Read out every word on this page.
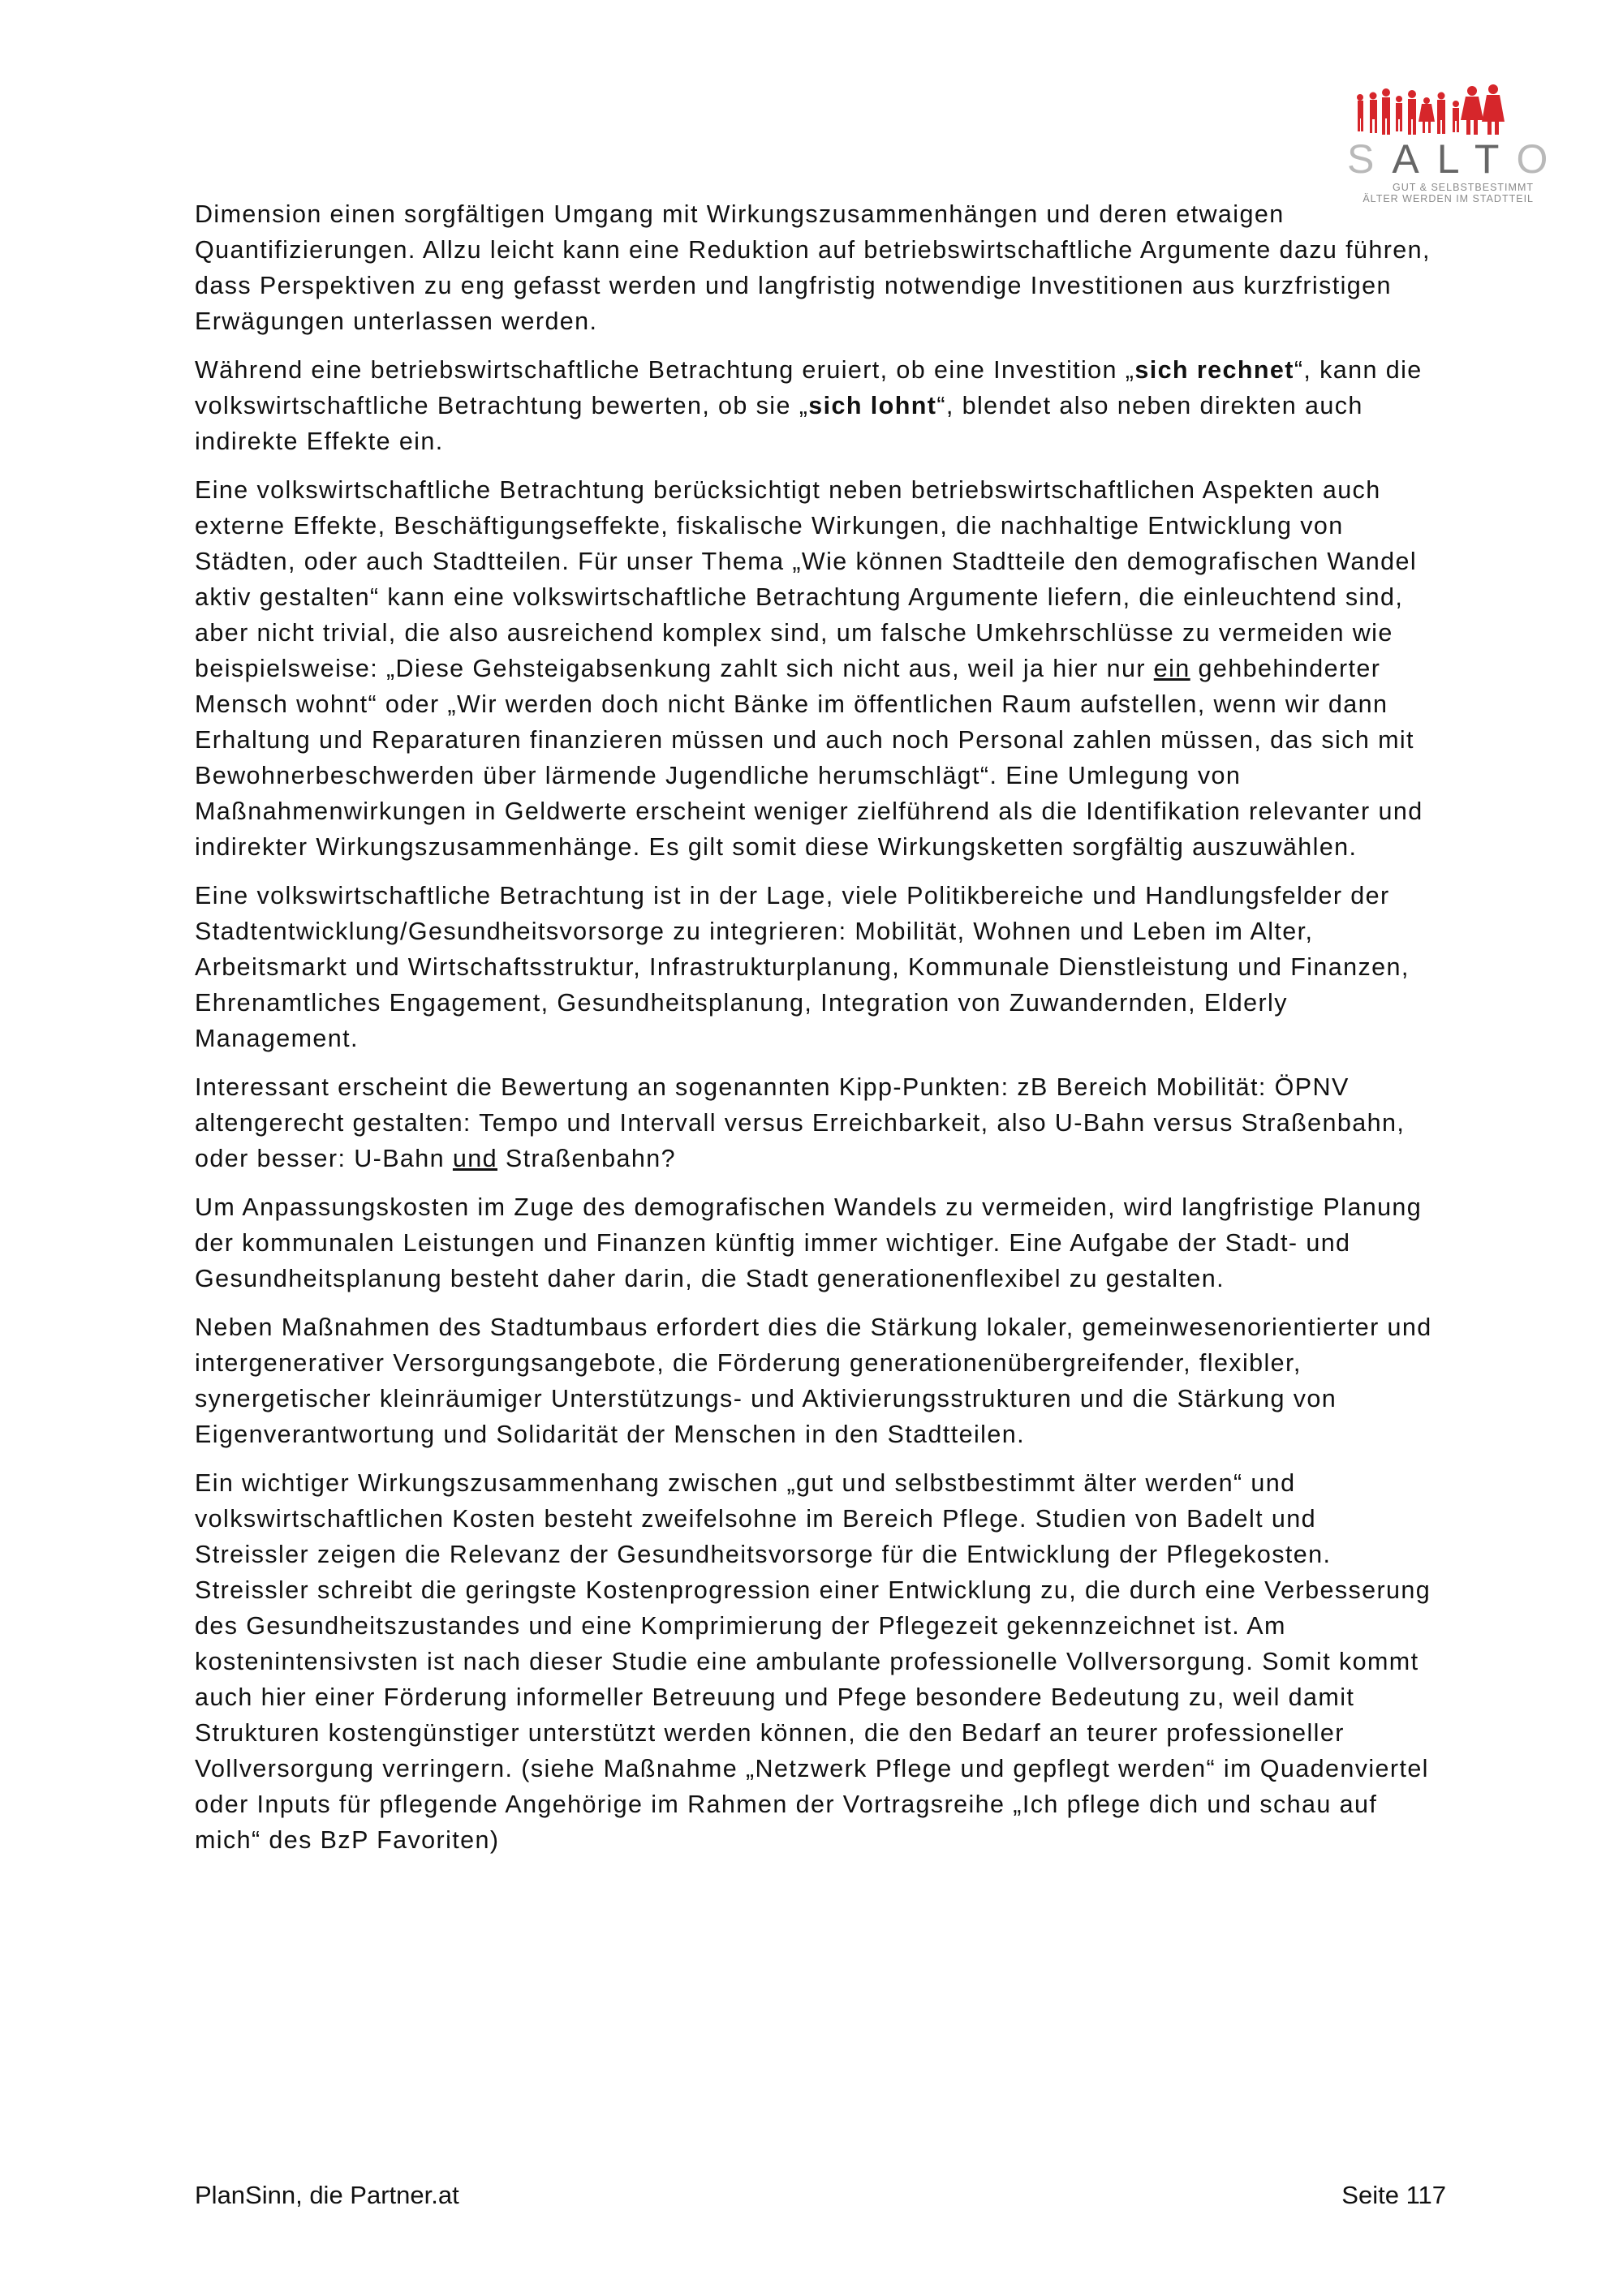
SALTO
GUT & SELBSTBESTIMMT
ÄLTER WERDEN IM STADTTEIL

Dimension einen sorgfältigen Umgang mit Wirkungszusammenhängen und deren etwaigen Quantifizierungen. Allzu leicht kann eine Reduktion auf betriebswirtschaftliche Argumente dazu führen, dass Perspektiven zu eng gefasst werden und langfristig notwendige Investitionen aus kurzfristigen Erwägungen unterlassen werden.

Während eine betriebswirtschaftliche Betrachtung eruiert, ob eine Investition „sich rechnet“, kann die volkswirtschaftliche Betrachtung bewerten, ob sie „sich lohnt“, blendet also neben direkten auch indirekte Effekte ein.

Eine volkswirtschaftliche Betrachtung berücksichtigt neben betriebswirtschaftlichen Aspekten auch externe Effekte, Beschäftigungseffekte, fiskalische Wirkungen, die nachhaltige Entwicklung von Städten, oder auch Stadtteilen. Für unser Thema „Wie können Stadtteile den demografischen Wandel aktiv gestalten“ kann eine volkswirtschaftliche Betrachtung Argumente liefern, die einleuchtend sind, aber nicht trivial, die also ausreichend komplex sind, um falsche Umkehrschlüsse zu vermeiden wie beispielsweise: „Diese Gehsteigabsenkung zahlt sich nicht aus, weil ja hier nur ein gehbehinderter Mensch wohnt“ oder „Wir werden doch nicht Bänke im öffentlichen Raum aufstellen, wenn wir dann Erhaltung und Reparaturen finanzieren müssen und auch noch Personal zahlen müssen, das sich mit Bewohnerbeschwerden über lärmende Jugendliche herumschlägt“. Eine Umlegung von Maßnahmenwirkungen in Geldwerte erscheint weniger zielführend als die Identifikation relevanter und indirekter Wirkungszusammenhänge. Es gilt somit diese Wirkungsketten sorgfältig auszuwählen.

Eine volkswirtschaftliche Betrachtung ist in der Lage, viele Politikbereiche und Handlungsfelder der Stadtentwicklung/Gesundheitsvorsorge zu integrieren: Mobilität, Wohnen und Leben im Alter, Arbeitsmarkt und Wirtschaftsstruktur, Infrastrukturplanung, Kommunale Dienstleistung und Finanzen, Ehrenamtliches Engagement, Gesundheitsplanung, Integration von Zuwandernden, Elderly Management.

Interessant erscheint die Bewertung an sogenannten Kipp-Punkten: zB Bereich Mobilität: ÖPNV altengerecht gestalten: Tempo und Intervall versus Erreichbarkeit, also U-Bahn versus Straßenbahn, oder besser: U-Bahn und Straßenbahn?

Um Anpassungskosten im Zuge des demografischen Wandels zu vermeiden, wird langfristige Planung der kommunalen Leistungen und Finanzen künftig immer wichtiger. Eine Aufgabe der Stadt- und Gesundheitsplanung besteht daher darin, die Stadt generationenflexibel zu gestalten.

Neben Maßnahmen des Stadtumbaus erfordert dies die Stärkung lokaler, gemeinwesenorientierter und intergenerativer Versorgungsangebote, die Förderung generationenübergreifender, flexibler, synergetischer kleinräumiger Unterstützungs- und Aktivierungsstrukturen und die Stärkung von Eigenverantwortung und Solidarität der Menschen in den Stadtteilen.

Ein wichtiger Wirkungszusammenhang zwischen „gut und selbstbestimmt älter werden“ und volkswirtschaftlichen Kosten besteht zweifelsohne im Bereich Pflege. Studien von Badelt und Streissler zeigen die Relevanz der Gesundheitsvorsorge für die Entwicklung der Pflegekosten. Streissler schreibt die geringste Kostenprogression einer Entwicklung zu, die durch eine Verbesserung des Gesundheitszustandes und eine Komprimierung der Pflegezeit gekennzeichnet ist. Am kostenintensivsten ist nach dieser Studie eine ambulante professionelle Vollversorgung. Somit kommt auch hier einer Förderung informeller Betreuung und Pfege besondere Bedeutung zu, weil damit Strukturen kostengünstiger unterstützt werden können, die den Bedarf an teurer professioneller Vollversorgung verringern. (siehe Maßnahme „Netzwerk Pflege und gepflegt werden“ im Quadenviertel oder Inputs für pflegende Angehörige im Rahmen der Vortragsreihe „Ich pflege dich und schau auf mich“ des BzP Favoriten)

PlanSinn, die Partner.at	Seite 117
